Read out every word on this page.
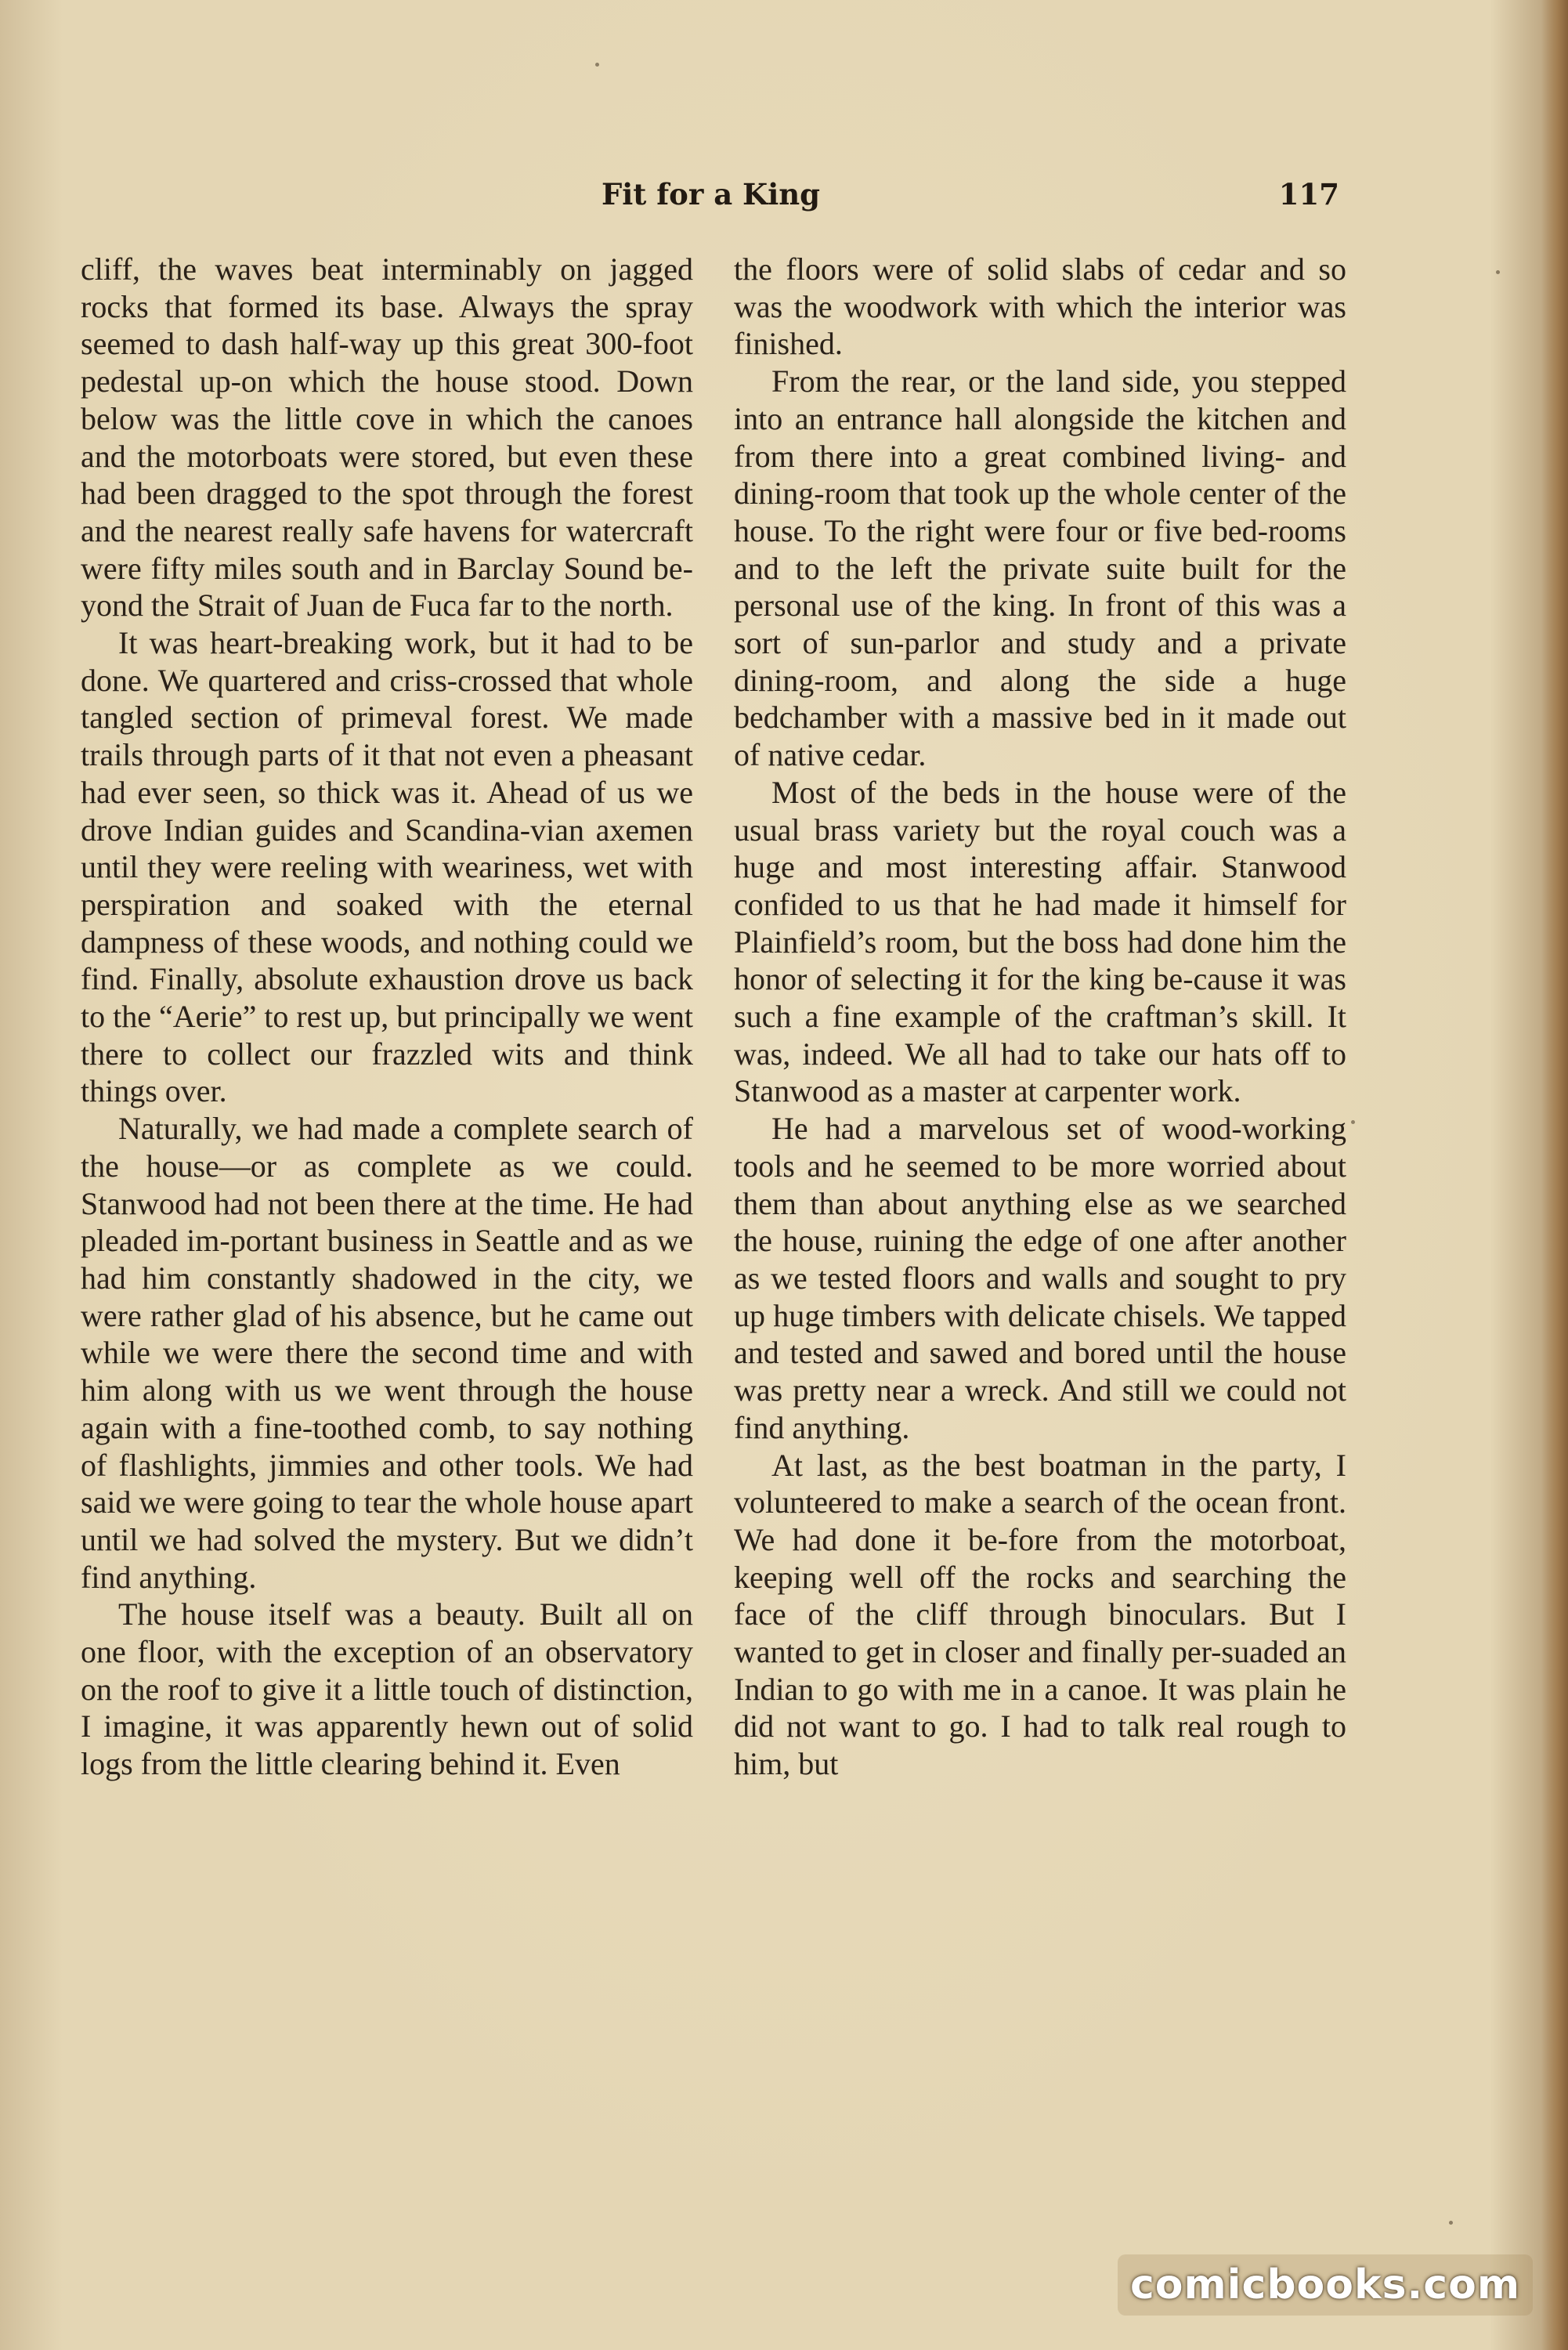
Fit for a King	117

cliff, the waves beat interminably on jagged rocks that formed its base. Always the spray seemed to dash half-way up this great 300-foot pedestal up-on which the house stood. Down below was the little cove in which the canoes and the motorboats were stored, but even these had been dragged to the spot through the forest and the nearest really safe havens for watercraft were fifty miles south and in Barclay Sound be-yond the Strait of Juan de Fuca far to the north.

It was heart-breaking work, but it had to be done. We quartered and criss-crossed that whole tangled section of primeval forest. We made trails through parts of it that not even a pheasant had ever seen, so thick was it. Ahead of us we drove Indian guides and Scandina-vian axemen until they were reeling with weariness, wet with perspiration and soaked with the eternal dampness of these woods, and nothing could we find. Finally, absolute exhaustion drove us back to the “Aerie” to rest up, but principally we went there to collect our frazzled wits and think things over.

Naturally, we had made a complete search of the house—or as complete as we could. Stanwood had not been there at the time. He had pleaded im-portant business in Seattle and as we had him constantly shadowed in the city, we were rather glad of his absence, but he came out while we were there the second time and with him along with us we went through the house again with a fine-toothed comb, to say nothing of flashlights, jimmies and other tools. We had said we were going to tear the whole house apart until we had solved the mystery. But we didn’t find anything.

The house itself was a beauty. Built all on one floor, with the exception of an observatory on the roof to give it a little touch of distinction, I imagine, it was apparently hewn out of solid logs from the little clearing behind it. Even

the floors were of solid slabs of cedar and so was the woodwork with which the interior was finished.

From the rear, or the land side, you stepped into an entrance hall alongside the kitchen and from there into a great combined living- and dining-room that took up the whole center of the house. To the right were four or five bed-rooms and to the left the private suite built for the personal use of the king. In front of this was a sort of sun-parlor and study and a private dining-room, and along the side a huge bedchamber with a massive bed in it made out of native cedar.

Most of the beds in the house were of the usual brass variety but the royal couch was a huge and most interesting affair. Stanwood confided to us that he had made it himself for Plainfield’s room, but the boss had done him the honor of selecting it for the king be-cause it was such a fine example of the craftman’s skill. It was, indeed. We all had to take our hats off to Stanwood as a master at carpenter work.

He had a marvelous set of wood-working tools and he seemed to be more worried about them than about anything else as we searched the house, ruining the edge of one after another as we tested floors and walls and sought to pry up huge timbers with delicate chisels. We tapped and tested and sawed and bored until the house was pretty near a wreck. And still we could not find anything.

At last, as the best boatman in the party, I volunteered to make a search of the ocean front. We had done it be-fore from the motorboat, keeping well off the rocks and searching the face of the cliff through binoculars. But I wanted to get in closer and finally per-suaded an Indian to go with me in a canoe. It was plain he did not want to go. I had to talk real rough to him, but

comicbooks.com
